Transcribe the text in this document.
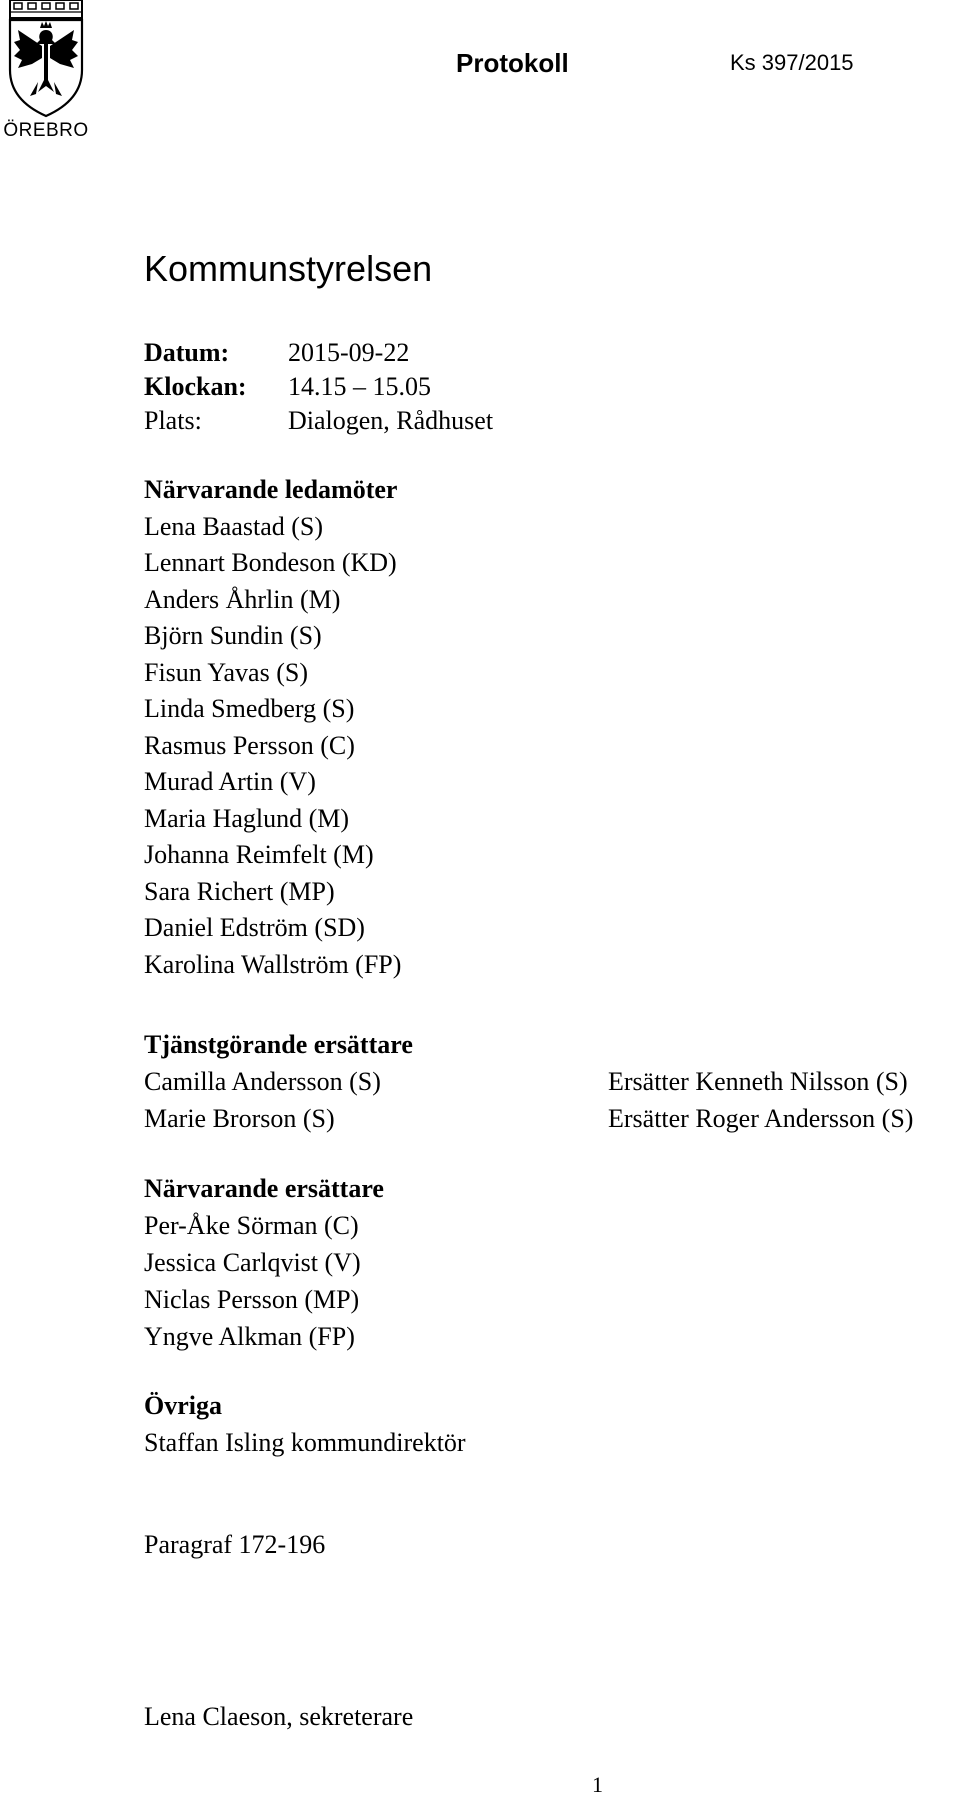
ÖREBRO
Protokoll	Ks 397/2015
Kommunstyrelsen
Datum:	2015-09-22
Klockan:	14.15 – 15.05
Plats:	Dialogen, Rådhuset
Närvarande ledamöter
Lena Baastad (S)
Lennart Bondeson (KD)
Anders Åhrlin (M)
Björn Sundin (S)
Fisun Yavas (S)
Linda Smedberg (S)
Rasmus Persson (C)
Murad Artin (V)
Maria Haglund (M)
Johanna Reimfelt (M)
Sara Richert (MP)
Daniel Edström (SD)
Karolina Wallström (FP)
Tjänstgörande ersättare
Camilla Andersson (S)	Ersätter Kenneth Nilsson (S)
Marie Brorson (S)	Ersätter Roger Andersson (S)
Närvarande ersättare
Per-Åke Sörman (C)
Jessica Carlqvist (V)
Niclas Persson (MP)
Yngve Alkman (FP)
Övriga
Staffan Isling kommundirektör
Paragraf 172-196
Lena Claeson, sekreterare
1
